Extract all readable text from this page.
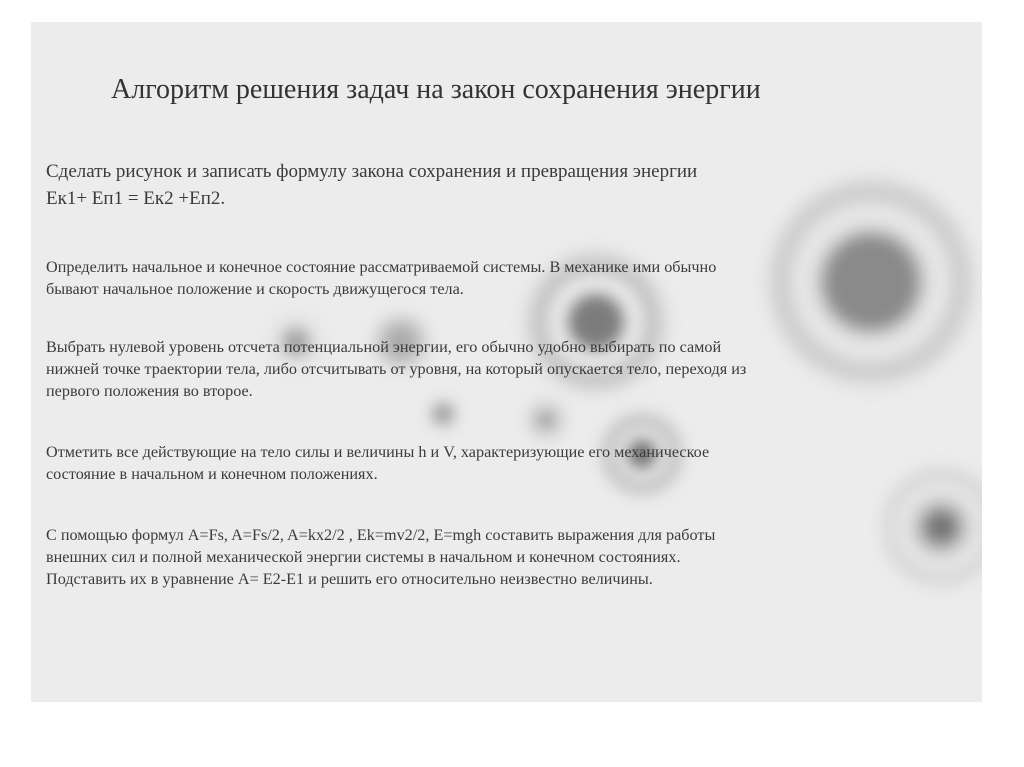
Алгоритм решения задач на закон сохранения энергии

Сделать рисунок и записать формулу закона сохранения и превращения энергии
Ек1+ Еп1 = Ек2 +Еп2.

Определить начальное и конечное состояние рассматриваемой системы. В механике ими обычно
бывают начальное положение и скорость движущегося тела.

Выбрать нулевой уровень отсчета потенциальной энергии, его обычно удобно выбирать по самой
нижней точке траектории тела, либо отсчитывать от уровня, на который опускается тело, переходя из
первого положения во второе.

Отметить все действующие на тело силы и величины h и V, характеризующие его механическое
состояние в начальном и конечном положениях.

С помощью формул A=Fs, A=Fs/2, A=kx2/2 , Ek=mv2/2, E=mgh составить выражения для работы
внешних сил и полной механической энергии системы в начальном и конечном состояниях.
Подставить их в уравнение А= Е2-Е1 и решить его относительно неизвестно величины.
